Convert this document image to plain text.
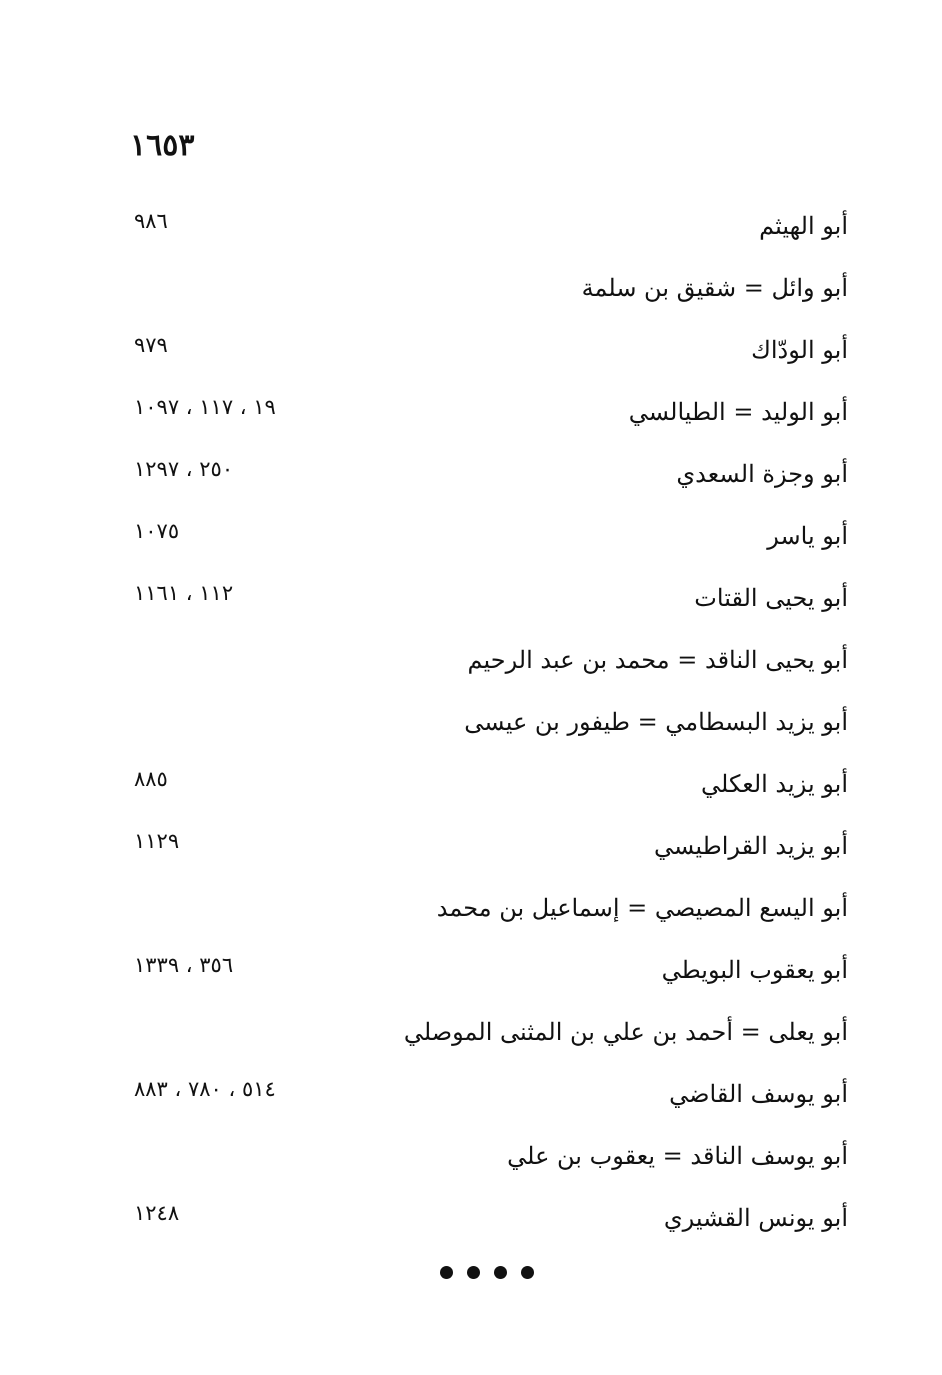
١٦٥٣
أبو الهيثم
٩٨٦
أبو وائل = شقيق بن سلمة
أبو الودّاك
٩٧٩
أبو الوليد = الطيالسي
١٩ ، ١١٧ ، ١٠٩٧
أبو وجزة السعدي
٢٥٠ ، ١٢٩٧
أبو ياسر
١٠٧٥
أبو يحيى القتات
١١٢ ، ١١٦١
أبو يحيى الناقد = محمد بن عبد الرحيم
أبو يزيد البسطامي = طيفور بن عيسى
أبو يزيد العكلي
٨٨٥
أبو يزيد القراطيسي
١١٢٩
أبو اليسع المصيصي = إسماعيل بن محمد
أبو يعقوب البويطي
٣٥٦ ، ١٣٣٩
أبو يعلى = أحمد بن علي بن المثنى الموصلي
أبو يوسف القاضي
٥١٤ ، ٧٨٠ ، ٨٨٣
أبو يوسف الناقد = يعقوب بن علي
أبو يونس القشيري
١٢٤٨
